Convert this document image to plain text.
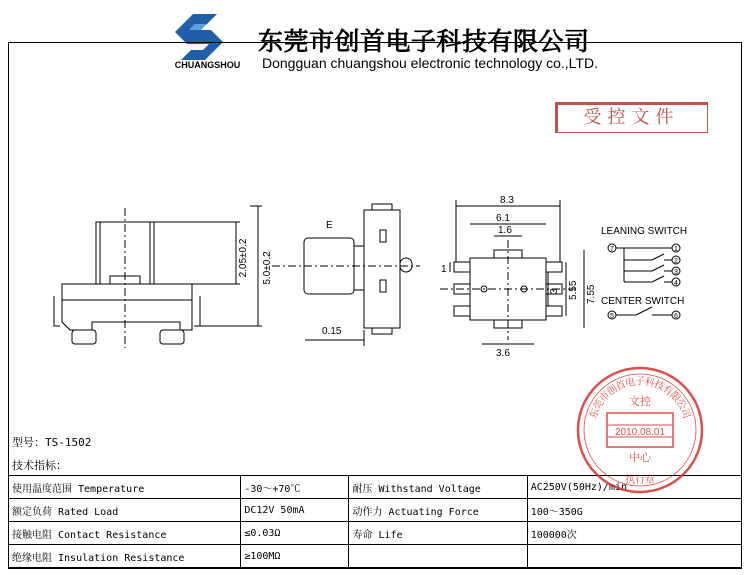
CHUANGSHOU
东莞市创首电子科技有限公司
Dongguan chuangshou electronic technology co.,LTD.
受控文件
2.05±0.2 5.0±0.2
E
0.15
8.3
6.1
1.6
1
3 5.55 7.55
3.6
LEANING SWITCH
CENTER SWITCH
7	1
2
3
4
5	6
型号：TS-1502
技术指标：
使用温度范围 Temperature	-30～+70℃	耐压 Withstand Voltage	AC250V(50Hz)/min
额定负荷 Rated Load	DC12V 50mA	动作力 Actuating Force	100～350G
接触电阻 Contact Resistance	≤0.03Ω	寿命 Life	100000次
绝缘电阻 Insulation Resistance	≥100MΩ		
文控
2010.08.01
中心
执行章
东
莞
市
创
首
电
子
科
技
有
限
公
司
